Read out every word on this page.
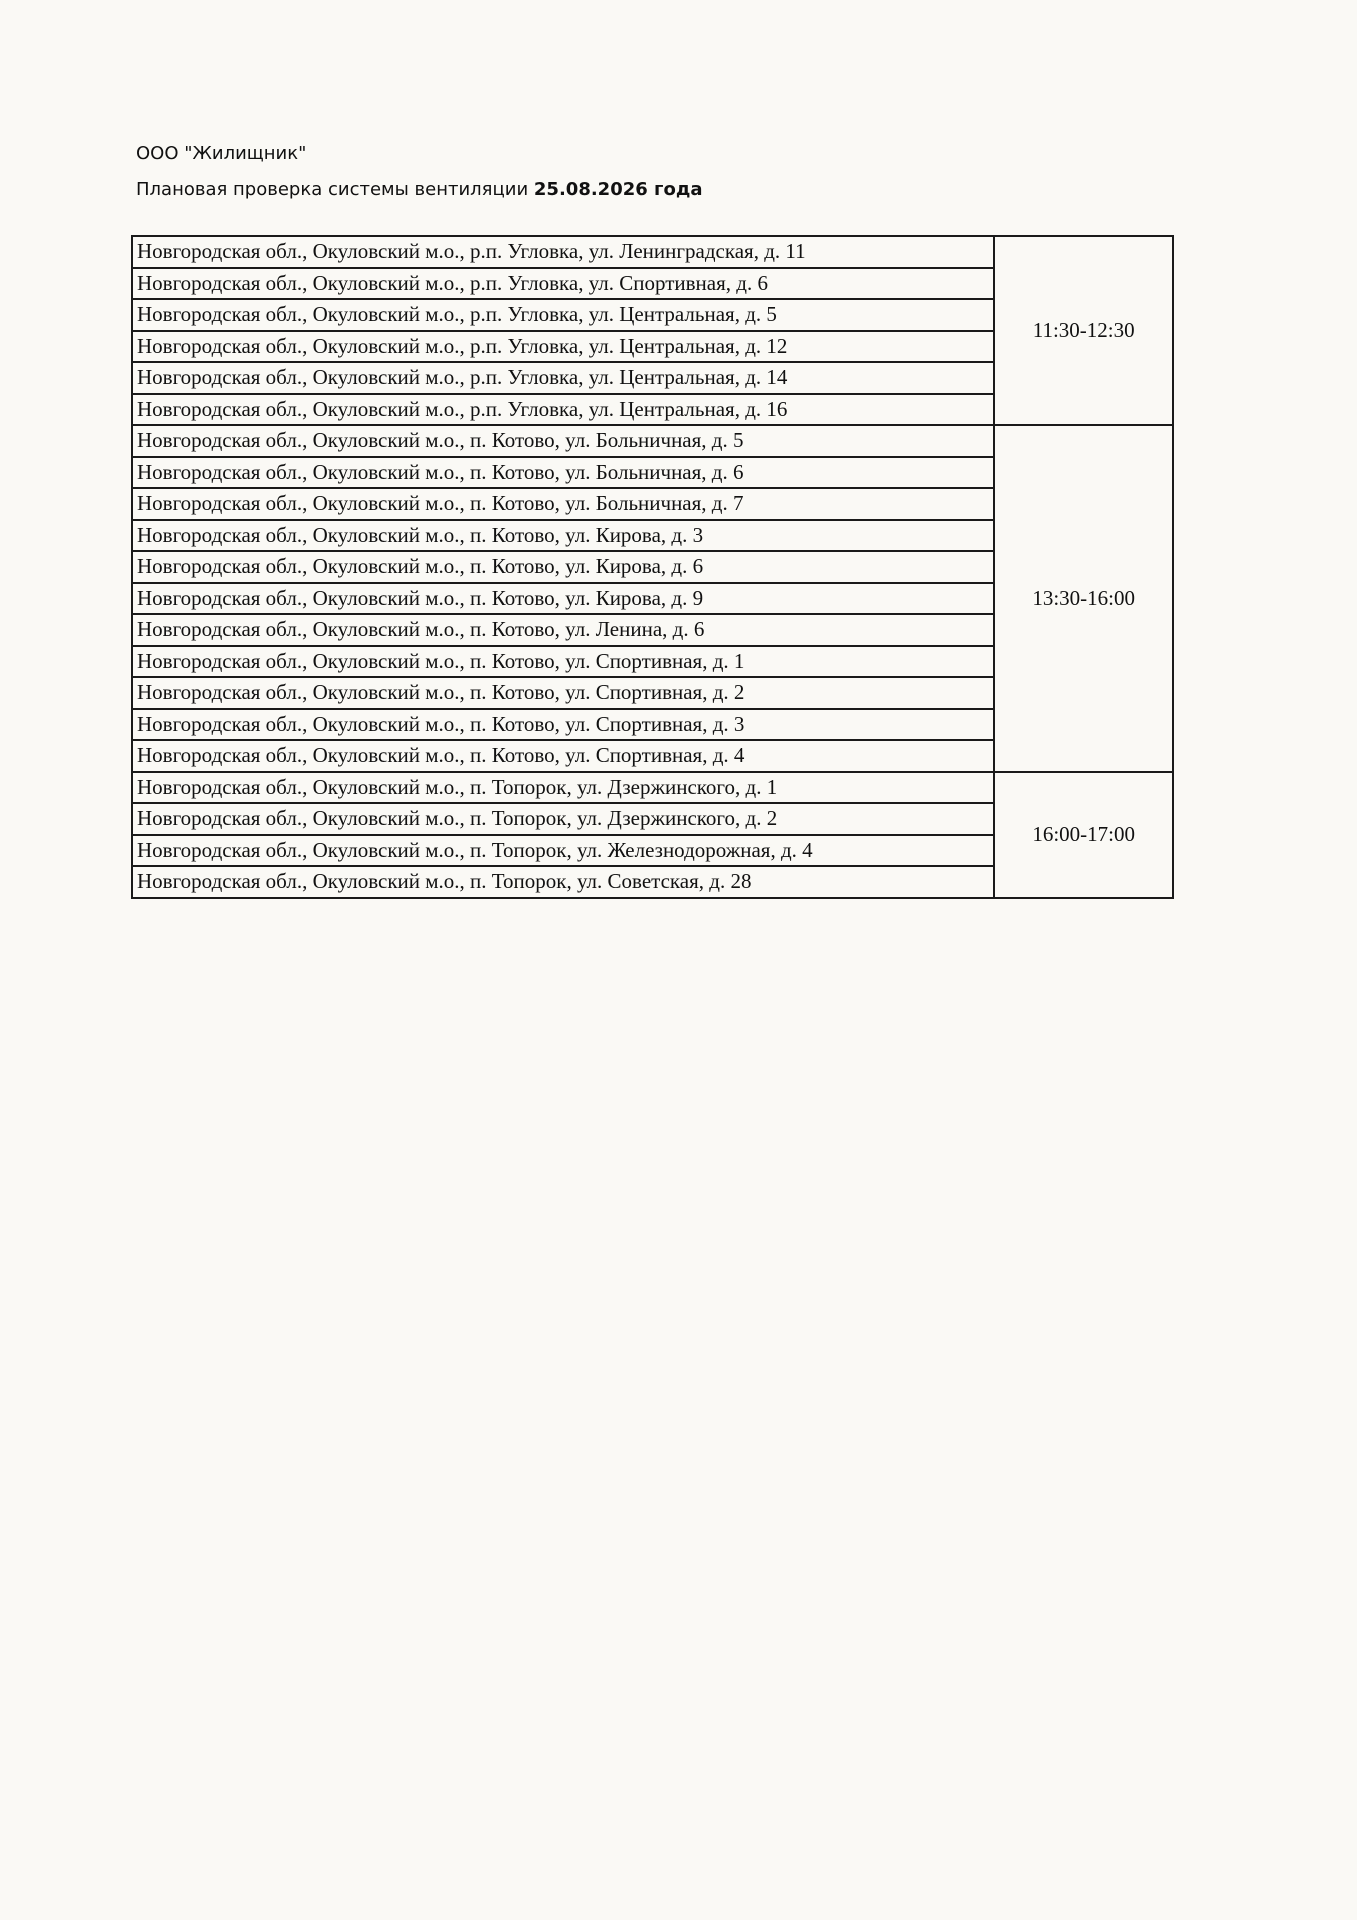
ООО "Жилищник"
Плановая проверка системы вентиляции 25.08.2026 года
Новгородская обл., Окуловский м.о., р.п. Угловка, ул. Ленинградская, д. 11	11:30-12:30
Новгородская обл., Окуловский м.о., р.п. Угловка, ул. Спортивная, д. 6	
Новгородская обл., Окуловский м.о., р.п. Угловка, ул. Центральная, д. 5	
Новгородская обл., Окуловский м.о., р.п. Угловка, ул. Центральная, д. 12	
Новгородская обл., Окуловский м.о., р.п. Угловка, ул. Центральная, д. 14	
Новгородская обл., Окуловский м.о., р.п. Угловка, ул. Центральная, д. 16	
Новгородская обл., Окуловский м.о., п. Котово, ул. Больничная, д. 5	13:30-16:00
Новгородская обл., Окуловский м.о., п. Котово, ул. Больничная, д. 6	
Новгородская обл., Окуловский м.о., п. Котово, ул. Больничная, д. 7	
Новгородская обл., Окуловский м.о., п. Котово, ул. Кирова, д. 3	
Новгородская обл., Окуловский м.о., п. Котово, ул. Кирова, д. 6	
Новгородская обл., Окуловский м.о., п. Котово, ул. Кирова, д. 9	
Новгородская обл., Окуловский м.о., п. Котово, ул. Ленина, д. 6	
Новгородская обл., Окуловский м.о., п. Котово, ул. Спортивная, д. 1	
Новгородская обл., Окуловский м.о., п. Котово, ул. Спортивная, д. 2	
Новгородская обл., Окуловский м.о., п. Котово, ул. Спортивная, д. 3	
Новгородская обл., Окуловский м.о., п. Котово, ул. Спортивная, д. 4	
Новгородская обл., Окуловский м.о., п. Топорок, ул. Дзержинского, д. 1	16:00-17:00
Новгородская обл., Окуловский м.о., п. Топорок, ул. Дзержинского, д. 2	
Новгородская обл., Окуловский м.о., п. Топорок, ул. Железнодорожная, д. 4	
Новгородская обл., Окуловский м.о., п. Топорок, ул. Советская, д. 28	
